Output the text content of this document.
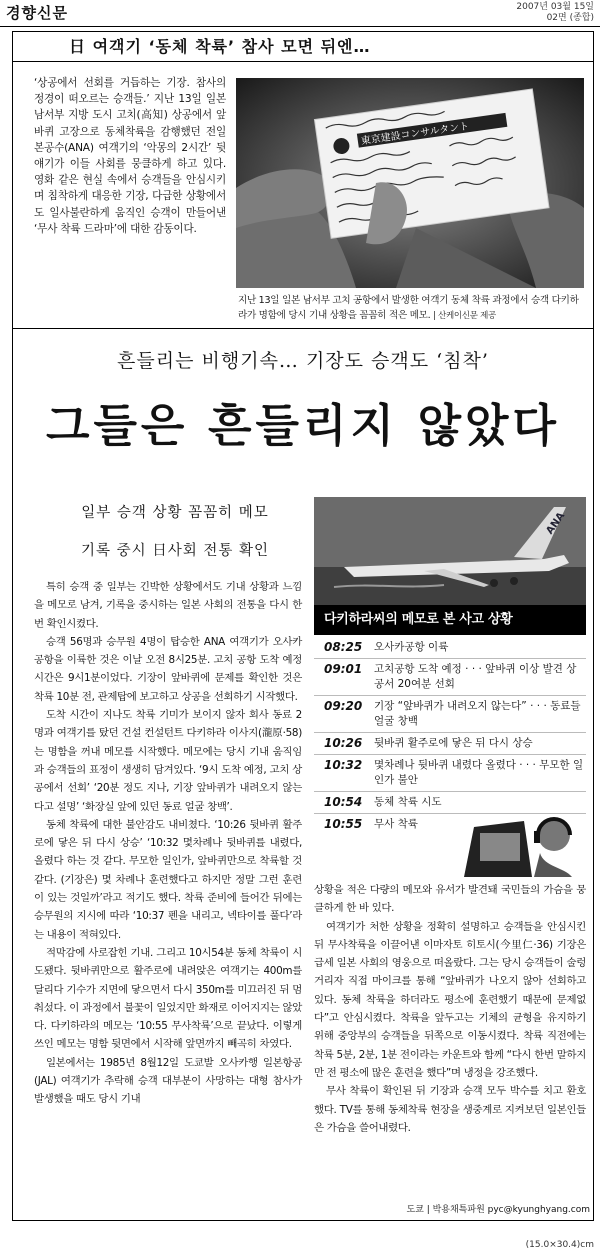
경향신문	2007년 03월 15일
02면 (종합)
日 여객기 ‘동체 착륙’ 참사 모면 뒤엔…
‘상공에서 선회를 거듭하는 기장. 참사의 정경이 떠오르는 승객들.’ 지난 13일 일본 남서부 지방 도시 고치(高知) 상공에서 앞바퀴 고장으로 동체착륙을 감행했던 전일본공수(ANA) 여객기의 ‘악몽의 2시간’ 뒷얘기가 이들 사회를 뭉클하게 하고 있다. 영화 같은 현실 속에서 승객들을 안심시키며 침착하게 대응한 기장, 다급한 상황에서도 일사불란하게 움직인 승객이 만들어낸 ‘무사 착륙 드라마’에 대한 감동이다.
東京建設コンサルタント
지난 13일 일본 남서부 고치 공항에서 발생한 여객기 동체 착륙 과정에서 승객 다키하라가 명함에 당시 기내 상황을 꼼꼼히 적은 메모. | 산케이신문 제공
흔들리는 비행기속… 기장도 승객도 ‘침착’
그들은 흔들리지 않았다
일부 승객 상황 꼼꼼히 메모
기록 중시 日사회 전통 확인

특히 승객 중 일부는 긴박한 상황에서도 기내 상황과 느낌을 메모로 남겨, 기록을 중시하는 일본 사회의 전통을 다시 한번 확인시켰다.

승객 56명과 승무원 4명이 탑승한 ANA 여객기가 오사카 공항을 이륙한 것은 이날 오전 8시25분. 고치 공항 도착 예정 시간은 9시1분이었다. 기장이 앞바퀴에 문제를 확인한 것은 착륙 10분 전, 관제탑에 보고하고 상공을 선회하기 시작했다.

도착 시간이 지나도 착륙 기미가 보이지 않자 회사 동료 2명과 여객기를 탔던 건설 컨설턴트 다키하라 이사지(瀧原·58)는 명함을 꺼내 메모를 시작했다. 메모에는 당시 기내 움직임과 승객들의 표정이 생생히 담겨있다. ‘9시 도착 예정, 고치 상공에서 선회’ ‘20분 정도 지나, 기장 앞바퀴가 내려오지 않는다고 설명’ ‘화장실 앞에 있던 동료 얼굴 창백’.

동체 착륙에 대한 불안감도 내비쳤다. ‘10:26 뒷바퀴 활주로에 닿은 뒤 다시 상승’ ‘10:32 몇차례나 뒷바퀴를 내렸다, 올렸다 하는 것 같다. 무모한 일인가, 앞바퀴만으로 착륙할 것 같다. (기장은) 몇 차례나 훈련했다고 하지만 정말 그런 훈련이 있는 것일까’라고 적기도 했다. 착륙 준비에 들어간 뒤에는 승무원의 지시에 따라 ‘10:37 펜을 내리고, 넥타이를 풀다’라는 내용이 적혀있다.

적막감에 사로잡힌 기내. 그리고 10시54분 동체 착륙이 시도됐다. 뒷바퀴만으로 활주로에 내려앉은 여객기는 400m를 달리다 기수가 지면에 닿으면서 다시 350m를 미끄러진 뒤 멈춰섰다. 이 과정에서 불꽃이 일었지만 화재로 이어지지는 않았다. 다키하라의 메모는 ‘10:55 무사착륙’으로 끝났다. 이렇게 쓰인 메모는 명함 뒷면에서 시작해 앞면까지 빼곡히 차였다.

일본에서는 1985년 8월12일 도쿄발 오사카행 일본항공(JAL) 여객기가 추락해 승객 대부분이 사망하는 대형 참사가 발생했을 때도 당시 기내

ANA
다키하라씨의 메모로 본 사고 상황
08:25	오사카공항 이륙
09:01	고치공항 도착 예정 · · · 앞바퀴 이상 발견 상공서 20여분 선회
09:20	기장 “앞바퀴가 내려오지 않는다” · · · 동료들 얼굴 창백
10:26	뒷바퀴 활주로에 닿은 뒤 다시 상승
10:32	몇차례나 뒷바퀴 내렸다 올렸다 · · · 무모한 일인가 불안
10:54	동체 착륙 시도
10:55	무사 착륙

상황을 적은 다량의 메모와 유서가 발견돼 국민들의 가슴을 뭉클하게 한 바 있다.

여객기가 처한 상황을 정확히 설명하고 승객들을 안심시킨 뒤 무사착륙을 이끌어낸 이마자토 히토시(今里仁·36) 기장은 급세 일본 사회의 영웅으로 떠올랐다. 그는 당시 승객들이 술렁거리자 직접 마이크를 통해 “앞바퀴가 나오지 않아 선회하고 있다. 동체 착륙을 하더라도 평소에 훈련했기 때문에 문제없다”고 안심시켰다. 착륙을 앞두고는 기체의 균형을 유지하기 위해 중앙부의 승객들을 뒤쪽으로 이동시켰다. 착륙 직전에는 착륙 5분, 2분, 1분 전이라는 카운트와 함께 “다시 한번 말하지만 전 평소에 많은 훈련을 했다”며 냉정을 강조했다.

무사 착륙이 확인된 뒤 기장과 승객 모두 박수를 치고 환호했다. TV를 통해 동체착륙 현장을 생중계로 지켜보던 일본인들은 가슴을 쓸어내렸다.

도쿄 | 박용채특파원 pyc@kyunghyang.com
(15.0×30.4)cm
